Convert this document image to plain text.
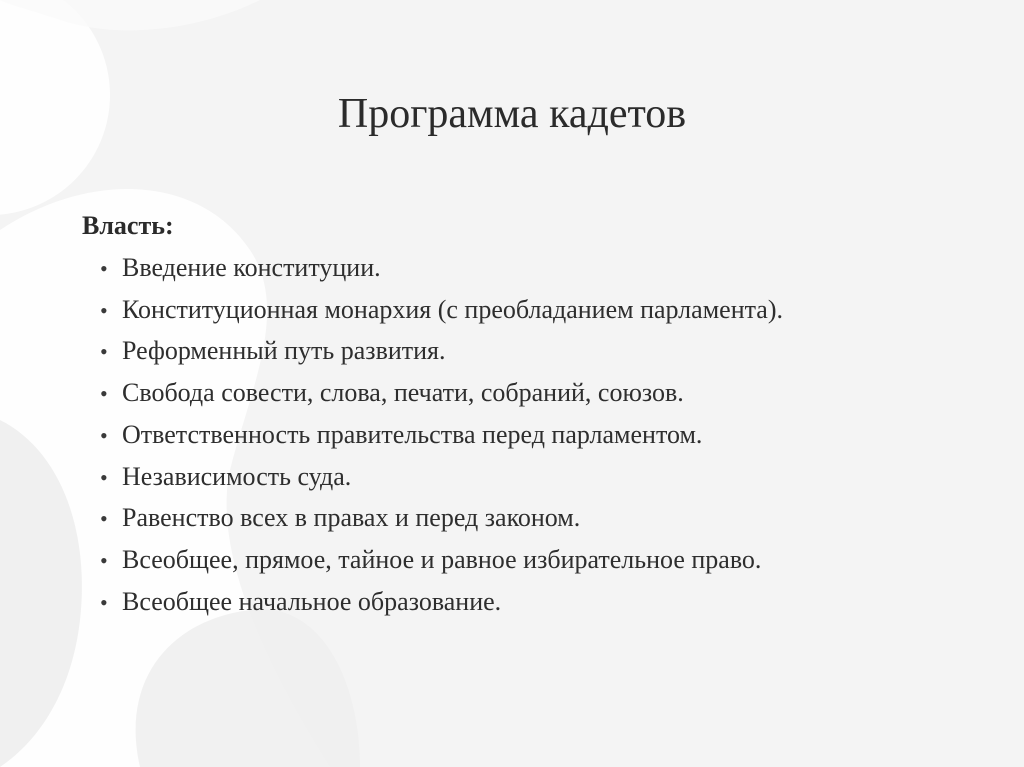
Программа кадетов
Власть:
• Введение конституции.
• Конституционная монархия (с преобладанием парламента).
• Реформенный путь развития.
• Свобода совести, слова, печати, собраний, союзов.
• Ответственность правительства перед парламентом.
• Независимость суда.
• Равенство всех в правах и перед законом.
• Всеобщее, прямое, тайное и равное избирательное право.
• Всеобщее начальное образование.
